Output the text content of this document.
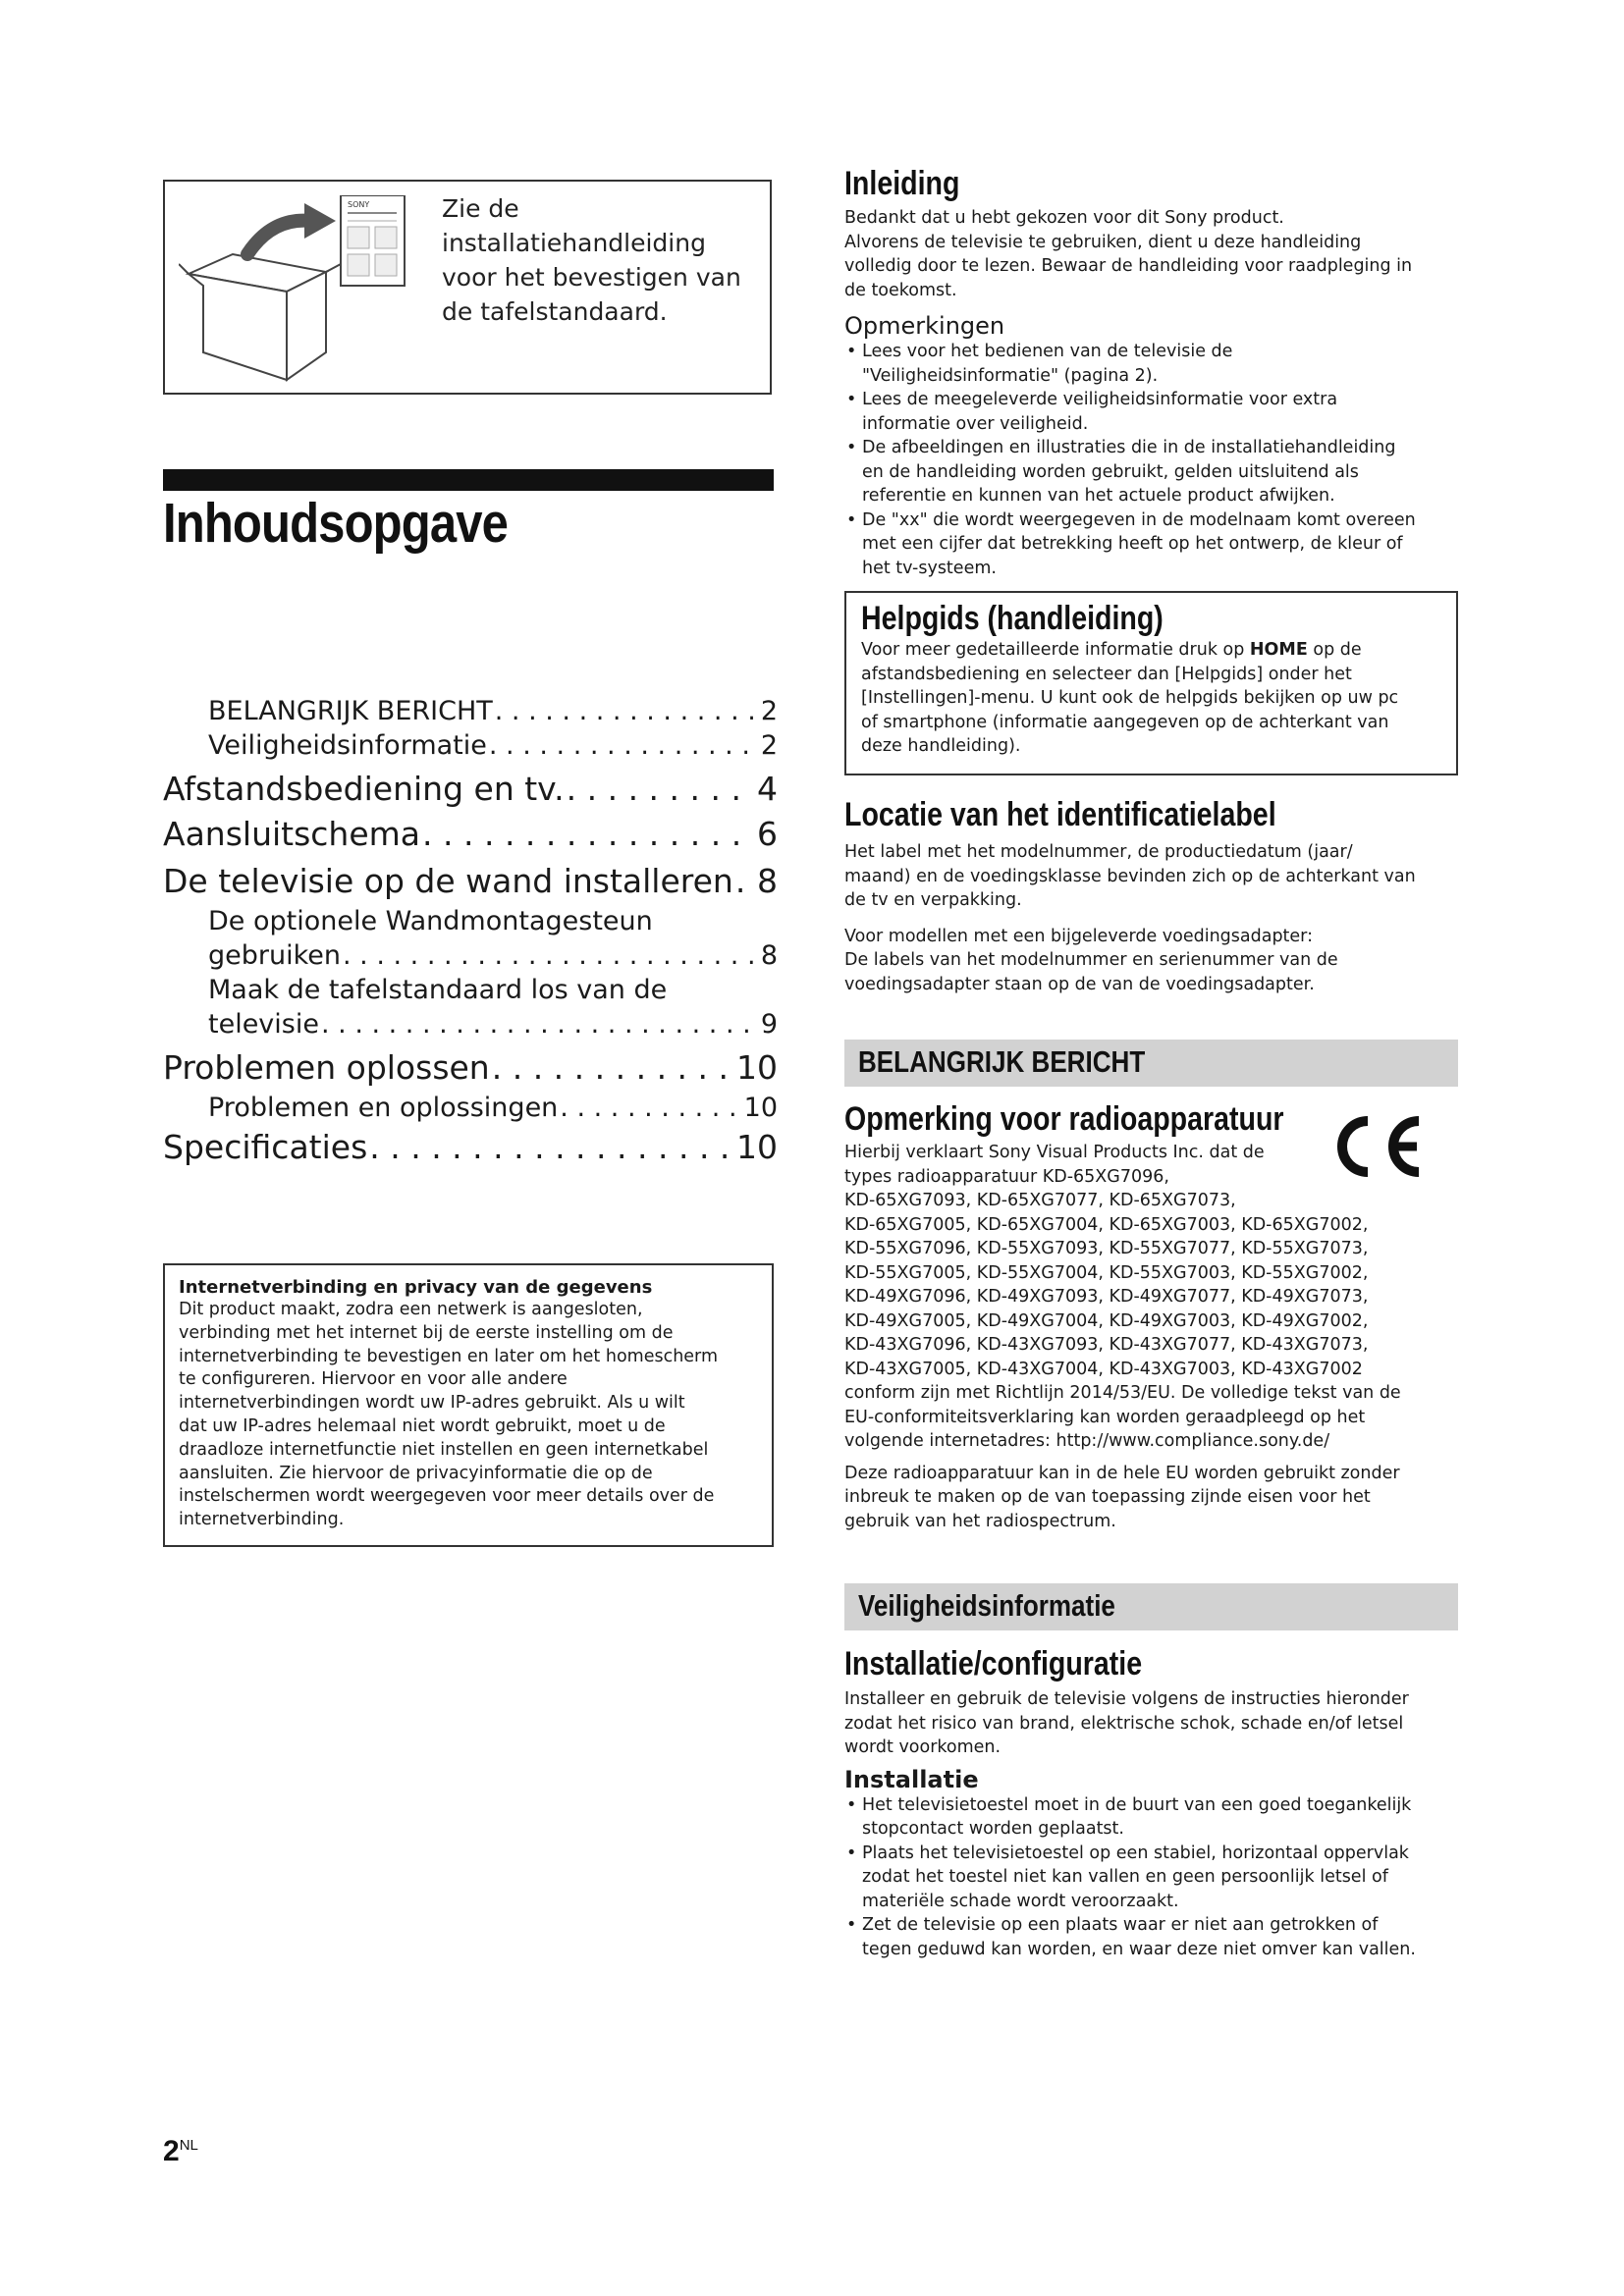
SONY	Zie de installatiehandleiding voor het bevestigen van de tafelstandaard.
Inhoudsopgave
BELANGRIJK BERICHT . . .	2
Veiligheidsinformatie . . .	2
Afstandsbediening en tv. . . .	4
Aansluitschema . . .	6
De televisie op de wand installeren . . . 8
De optionele Wandmontagesteun
gebruiken . . .	8
Maak de tafelstandaard los van de
televisie . . .	9
Problemen oplossen . . .	10
Problemen en oplossingen . . .	10
Specificaties . . .	10
Internetverbinding en privacy van de gegevens

Dit product maakt, zodra een netwerk is aangesloten,

verbinding met het internet bij de eerste instelling om de

internetverbinding te bevestigen en later om het homescherm

te configureren. Hiervoor en voor alle andere

internetverbindingen wordt uw IP-adres gebruikt. Als u wilt

dat uw IP-adres helemaal niet wordt gebruikt, moet u de

draadloze internetfunctie niet instellen en geen internetkabel

aansluiten. Zie hiervoor de privacyinformatie die op de

instelschermen wordt weergegeven voor meer details over de

internetverbinding.

$2^{NL}$
Inleiding

Bedankt dat u hebt gekozen voor dit Sony product.

Alvorens de televisie te gebruiken, dient u deze handleiding

volledig door te lezen. Bewaar de handleiding voor raadpleging in

de toekomst.

Opmerkingen
• Lees voor het bedienen van de televisie de
"Veiligheidsinformatie" (pagina 2).
• Lees de meegeleverde veiligheidsinformatie voor extra
informatie over veiligheid.
• De afbeeldingen en illustraties die in de installatiehandleiding
en de handleiding worden gebruikt, gelden uitsluitend als
referentie en kunnen van het actuele product afwijken.
• De "xx" die wordt weergegeven in de modelnaam komt overeen
met een cijfer dat betrekking heeft op het ontwerp, de kleur of
het tv-systeem.
Helpgids (handleiding)

Voor meer gedetailleerde informatie druk op HOME op de

afstandsbediening en selecteer dan [Helpgids] onder het

[Instellingen]-menu. U kunt ook de helpgids bekijken op uw pc

of smartphone (informatie aangegeven op de achterkant van

deze handleiding).

Locatie van het identificatielabel

Het label met het modelnummer, de productiedatum (jaar/

maand) en de voedingsklasse bevinden zich op de achterkant van

de tv en verpakking.

Voor modellen met een bijgeleverde voedingsadapter:

De labels van het modelnummer en serienummer van de

voedingsadapter staan op de van de voedingsadapter.

BELANGRIJK BERICHT
Opmerking voor radioapparatuur

Hierbij verklaart Sony Visual Products Inc. dat de

types radioapparatuur KD-65XG7096,

KD-65XG7093, KD-65XG7077, KD-65XG7073,

KD-65XG7005, KD-65XG7004, KD-65XG7003, KD-65XG7002,

KD-55XG7096, KD-55XG7093, KD-55XG7077, KD-55XG7073,

KD-55XG7005, KD-55XG7004, KD-55XG7003, KD-55XG7002,

KD-49XG7096, KD-49XG7093, KD-49XG7077, KD-49XG7073,

KD-49XG7005, KD-49XG7004, KD-49XG7003, KD-49XG7002,

KD-43XG7096, KD-43XG7093, KD-43XG7077, KD-43XG7073,

KD-43XG7005, KD-43XG7004, KD-43XG7003, KD-43XG7002

conform zijn met Richtlijn 2014/53/EU. De volledige tekst van de

EU-conformiteitsverklaring kan worden geraadpleegd op het

volgende internetadres: http://www.compliance.sony.de/

Deze radioapparatuur kan in de hele EU worden gebruikt zonder

inbreuk te maken op de van toepassing zijnde eisen voor het

gebruik van het radiospectrum.

Veiligheidsinformatie
Installatie/configuratie

Installeer en gebruik de televisie volgens de instructies hieronder

zodat het risico van brand, elektrische schok, schade en/of letsel

wordt voorkomen.

Installatie
• Het televisietoestel moet in de buurt van een goed toegankelijk
stopcontact worden geplaatst.
• Plaats het televisietoestel op een stabiel, horizontaal oppervlak
zodat het toestel niet kan vallen en geen persoonlijk letsel of
materiële schade wordt veroorzaakt.
• Zet de televisie op een plaats waar er niet aan getrokken of
tegen geduwd kan worden, en waar deze niet omver kan vallen.
